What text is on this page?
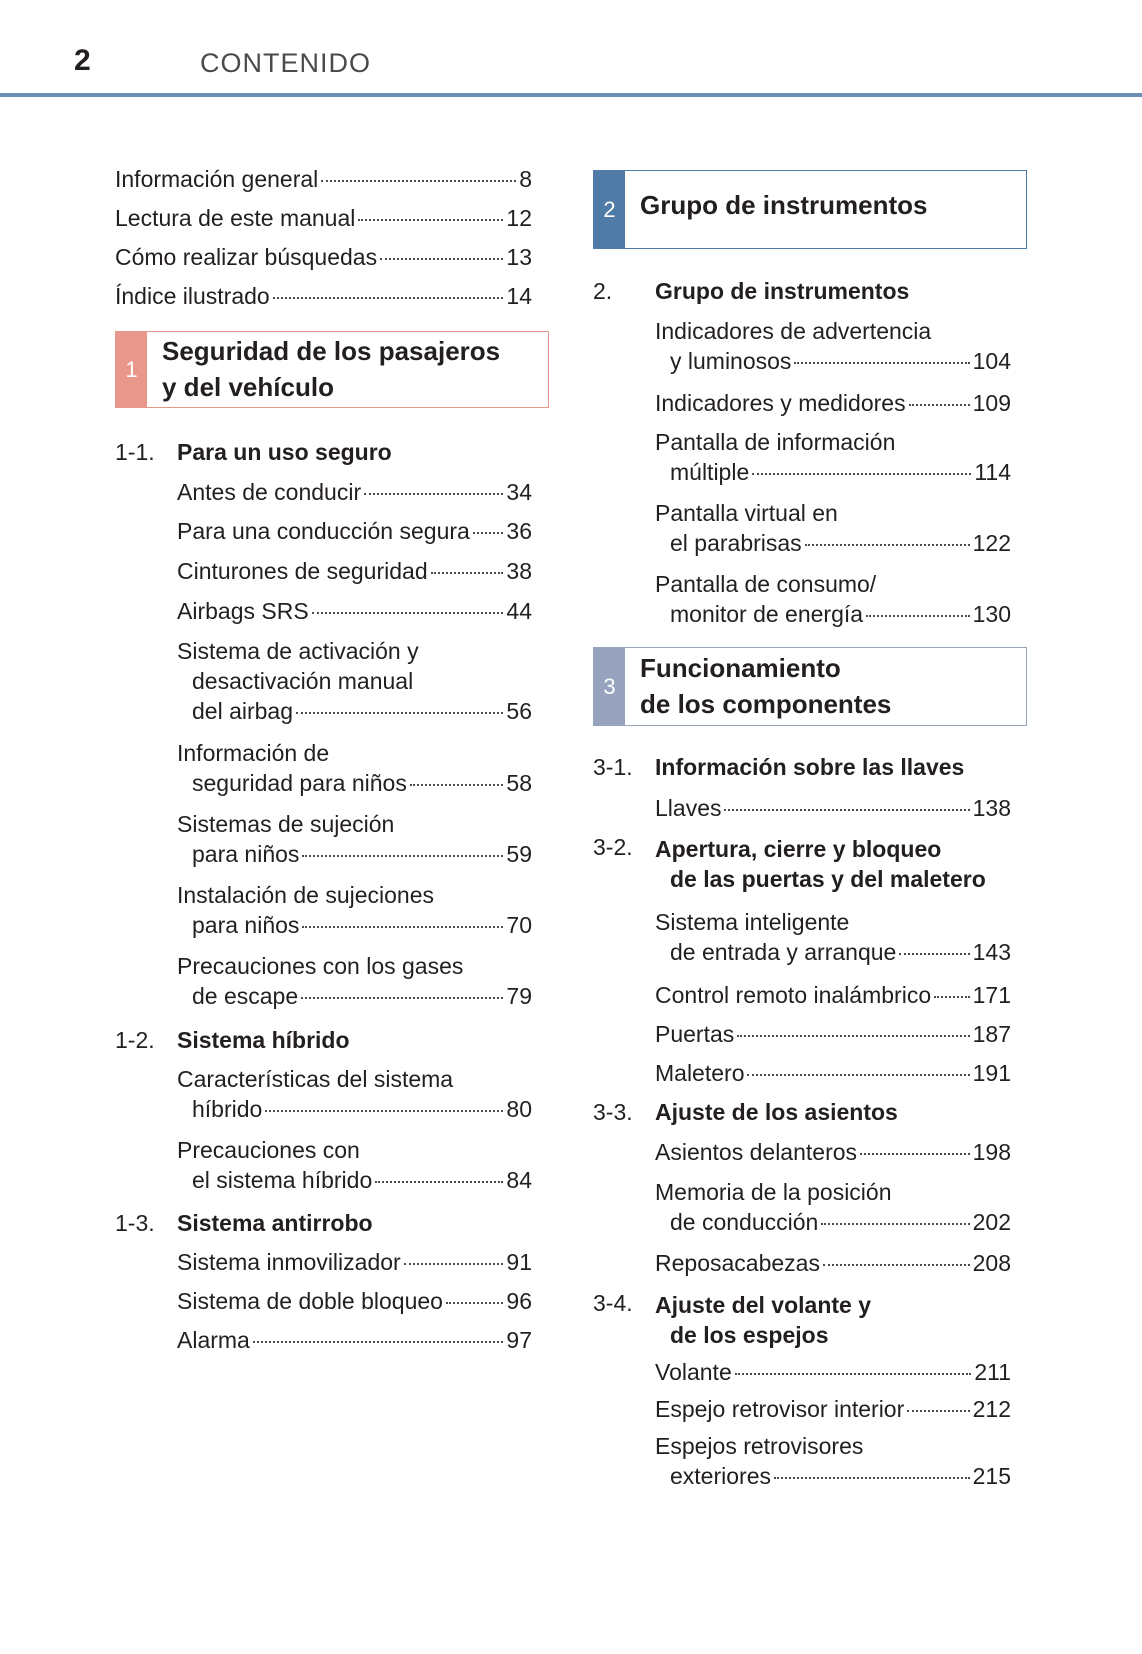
2	CONTENIDO
Información general	8
Lectura de este manual	12
Cómo realizar búsquedas	13
Índice ilustrado	14
1
Seguridad de los pasajeros
y del vehículo
1-1. Para un uso seguro
Antes de conducir	34
Para una conducción segura 36
Cinturones de seguridad	38
Airbags SRS	44
Sistema de activación y
desactivación manual
del airbag	56
Información de
seguridad para niños	58
Sistemas de sujeción
para niños	59
Instalación de sujeciones
para niños	70
Precauciones con los gases
de escape	79
1-2. Sistema híbrido
Características del sistema
híbrido	80
Precauciones con
el sistema híbrido	84
1-3. Sistema antirrobo
Sistema inmovilizador	91
Sistema de doble bloqueo	96
Alarma	97
2 Grupo de instrumentos
2. Grupo de instrumentos
Indicadores de advertencia
y luminosos	104
Indicadores y medidores	109
Pantalla de información
múltiple	114
Pantalla virtual en
el parabrisas	122
Pantalla de consumo/
monitor de energía	130
3
Funcionamiento
de los componentes
3-1. Información sobre las llaves
Llaves	138
3-2. Apertura, cierre y bloqueo
de las puertas y del maletero
Sistema inteligente
de entrada y arranque	143
Control remoto inalámbrico 171
Puertas	187
Maletero	191
3-3. Ajuste de los asientos
Asientos delanteros	198
Memoria de la posición
de conducción	202
Reposacabezas	208
3-4. Ajuste del volante y
de los espejos
Volante	211
Espejo retrovisor interior	212
Espejos retrovisores
exteriores	215
